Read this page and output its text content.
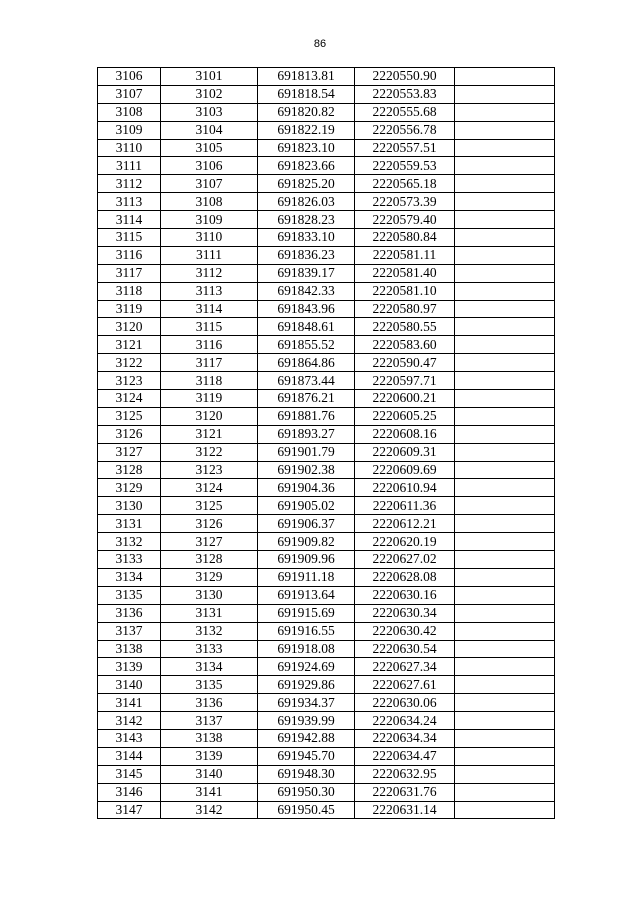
86
3106	3101	691813.81	2220550.90	
3107	3102	691818.54	2220553.83	
3108	3103	691820.82	2220555.68	
3109	3104	691822.19	2220556.78	
3110	3105	691823.10	2220557.51	
3111	3106	691823.66	2220559.53	
3112	3107	691825.20	2220565.18	
3113	3108	691826.03	2220573.39	
3114	3109	691828.23	2220579.40	
3115	3110	691833.10	2220580.84	
3116	3111	691836.23	2220581.11	
3117	3112	691839.17	2220581.40	
3118	3113	691842.33	2220581.10	
3119	3114	691843.96	2220580.97	
3120	3115	691848.61	2220580.55	
3121	3116	691855.52	2220583.60	
3122	3117	691864.86	2220590.47	
3123	3118	691873.44	2220597.71	
3124	3119	691876.21	2220600.21	
3125	3120	691881.76	2220605.25	
3126	3121	691893.27	2220608.16	
3127	3122	691901.79	2220609.31	
3128	3123	691902.38	2220609.69	
3129	3124	691904.36	2220610.94	
3130	3125	691905.02	2220611.36	
3131	3126	691906.37	2220612.21	
3132	3127	691909.82	2220620.19	
3133	3128	691909.96	2220627.02	
3134	3129	691911.18	2220628.08	
3135	3130	691913.64	2220630.16	
3136	3131	691915.69	2220630.34	
3137	3132	691916.55	2220630.42	
3138	3133	691918.08	2220630.54	
3139	3134	691924.69	2220627.34	
3140	3135	691929.86	2220627.61	
3141	3136	691934.37	2220630.06	
3142	3137	691939.99	2220634.24	
3143	3138	691942.88	2220634.34	
3144	3139	691945.70	2220634.47	
3145	3140	691948.30	2220632.95	
3146	3141	691950.30	2220631.76	
3147	3142	691950.45	2220631.14	
